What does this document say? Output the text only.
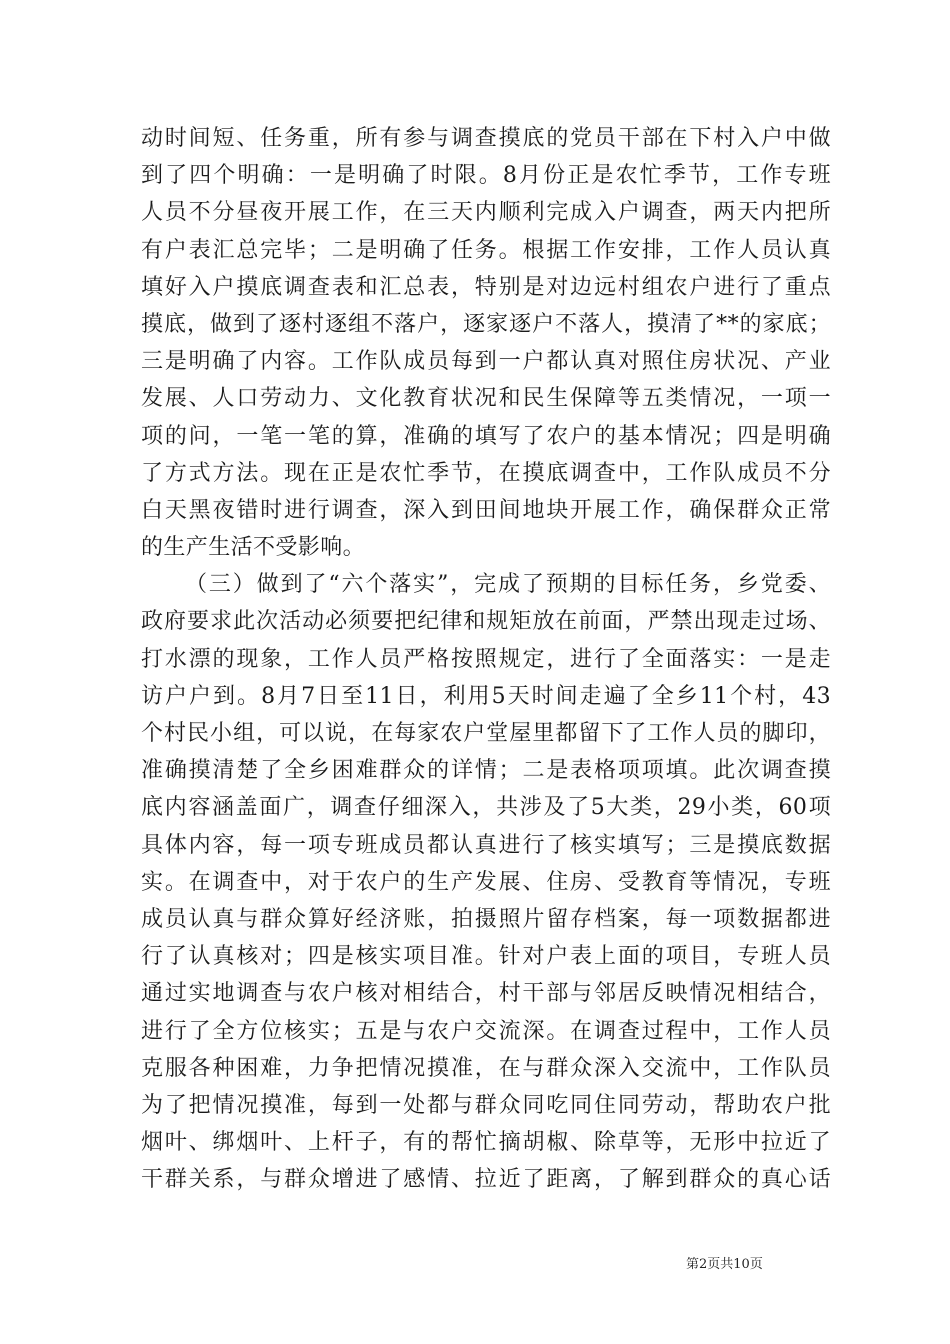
动时间短、任务重，所有参与调查摸底的党员干部在下村入户中做
到了四个明确：一是明确了时限。8月份正是农忙季节，工作专班
人员不分昼夜开展工作，在三天内顺利完成入户调查，两天内把所
有户表汇总完毕；二是明确了任务。根据工作安排，工作人员认真
填好入户摸底调查表和汇总表，特别是对边远村组农户进行了重点
摸底，做到了逐村逐组不落户，逐家逐户不落人，摸清了**的家底；
三是明确了内容。工作队成员每到一户都认真对照住房状况、产业
发展、人口劳动力、文化教育状况和民生保障等五类情况，一项一
项的问，一笔一笔的算，准确的填写了农户的基本情况；四是明确
了方式方法。现在正是农忙季节，在摸底调查中，工作队成员不分
白天黑夜错时进行调查，深入到田间地块开展工作，确保群众正常
的生产生活不受影响。
（三）做到了“六个落实”，完成了预期的目标任务，乡党委、
政府要求此次活动必须要把纪律和规矩放在前面，严禁出现走过场、
打水漂的现象，工作人员严格按照规定，进行了全面落实：一是走
访户户到。8月7日至11日，利用5天时间走遍了全乡11个村，43
个村民小组，可以说，在每家农户堂屋里都留下了工作人员的脚印，
准确摸清楚了全乡困难群众的详情；二是表格项项填。此次调查摸
底内容涵盖面广，调查仔细深入，共涉及了5大类，29小类，60项
具体内容，每一项专班成员都认真进行了核实填写；三是摸底数据
实。在调查中，对于农户的生产发展、住房、受教育等情况，专班
成员认真与群众算好经济账，拍摄照片留存档案，每一项数据都进
行了认真核对；四是核实项目准。针对户表上面的项目，专班人员
通过实地调查与农户核对相结合，村干部与邻居反映情况相结合，
进行了全方位核实；五是与农户交流深。在调查过程中，工作人员
克服各种困难，力争把情况摸准，在与群众深入交流中，工作队员
为了把情况摸准，每到一处都与群众同吃同住同劳动，帮助农户批
烟叶、绑烟叶、上杆子，有的帮忙摘胡椒、除草等，无形中拉近了
干群关系，与群众增进了感情、拉近了距离，了解到群众的真心话
第2页共10页
